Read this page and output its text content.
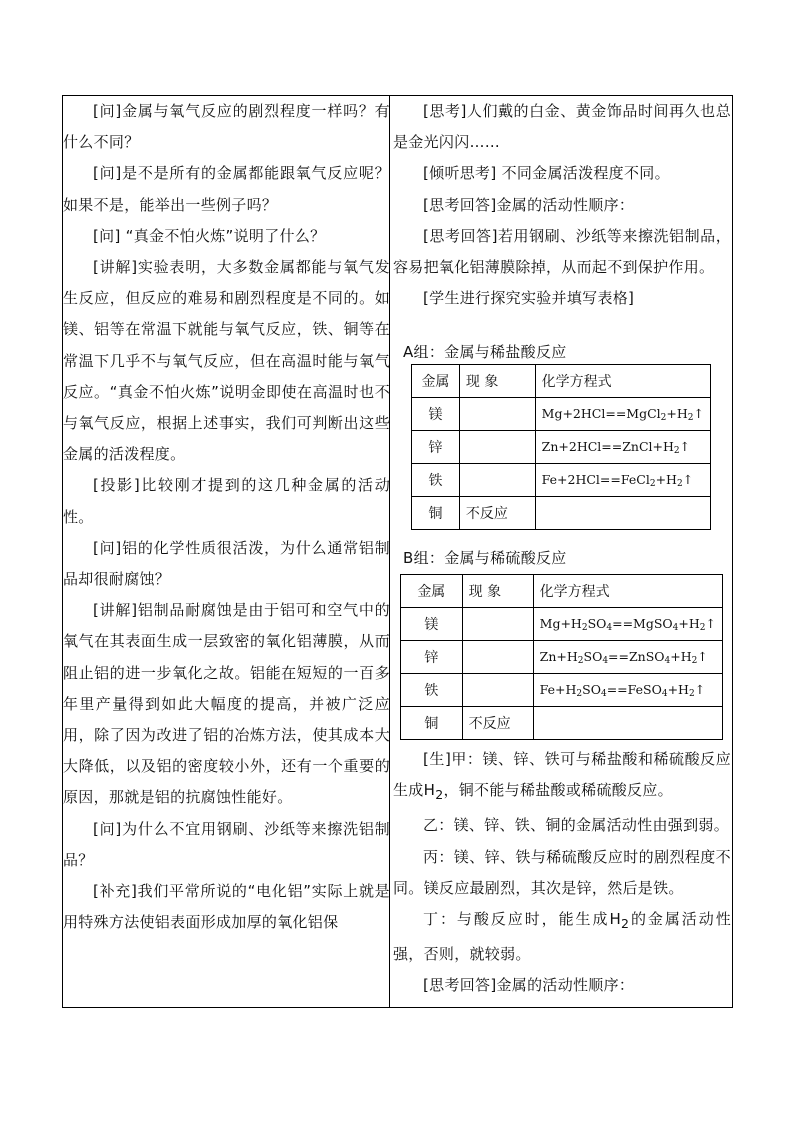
[问]金属与氧气反应的剧烈程度一样吗？有什么不同？

[问]是不是所有的金属都能跟氧气反应呢？如果不是，能举出一些例子吗？

[问] “真金不怕火炼”说明了什么？

[讲解]实验表明，大多数金属都能与氧气发生反应，但反应的难易和剧烈程度是不同的。如镁、铝等在常温下就能与氧气反应，铁、铜等在常温下几乎不与氧气反应，但在高温时能与氧气反应。“真金不怕火炼”说明金即使在高温时也不与氧气反应，根据上述事实，我们可判断出这些金属的活泼程度。

[投影]比较刚才提到的这几种金属的活动性。

[问]铝的化学性质很活泼，为什么通常铝制品却很耐腐蚀？

[讲解]铝制品耐腐蚀是由于铝可和空气中的氧气在其表面生成一层致密的氧化铝薄膜，从而阻止铝的进一步氧化之故。铝能在短短的一百多年里产量得到如此大幅度的提高，并被广泛应用，除了因为改进了铝的冶炼方法，使其成本大大降低，以及铝的密度较小外，还有一个重要的原因，那就是铝的抗腐蚀性能好。

[问]为什么不宜用钢刷、沙纸等来擦洗铝制品？

[补充]我们平常所说的“电化铝”实际上就是用特殊方法使铝表面形成加厚的氧化铝保

[思考]人们戴的白金、黄金饰品时间再久也总是金光闪闪……

[倾听思考] 不同金属活泼程度不同。

[思考回答]金属的活动性顺序：

[思考回答]若用钢刷、沙纸等来擦洗铝制品，容易把氧化铝薄膜除掉，从而起不到保护作用。

[学生进行探究实验并填写表格]

A组：金属与稀盐酸反应
金属	现 象	化学方程式
镁		$Mg+2HCl==MgCl_2+H_2↑$
锌		$Zn+2HCl==ZnCl+H_2↑$
铁		$Fe+2HCl==FeCl_2+H_2↑$
铜	不反应	
B组：金属与稀硫酸反应
金属	现 象	化学方程式
镁		$Mg+H_2SO_4==MgSO_4+H_2↑$
锌		$Zn+H_2SO_4==ZnSO_4+H_2↑$
铁		$Fe+H_2SO_4==FeSO_4+H_2↑$
铜	不反应	

[生]甲：镁、锌、铁可与稀盐酸和稀硫酸反应生成$H_2$，铜不能与稀盐酸或稀硫酸反应。

乙：镁、锌、铁、铜的金属活动性由强到弱。

丙：镁、锌、铁与稀硫酸反应时的剧烈程度不同。镁反应最剧烈，其次是锌，然后是铁。

丁：与酸反应时，能生成$H_2$的金属活动性强，否则，就较弱。

[思考回答]金属的活动性顺序：
